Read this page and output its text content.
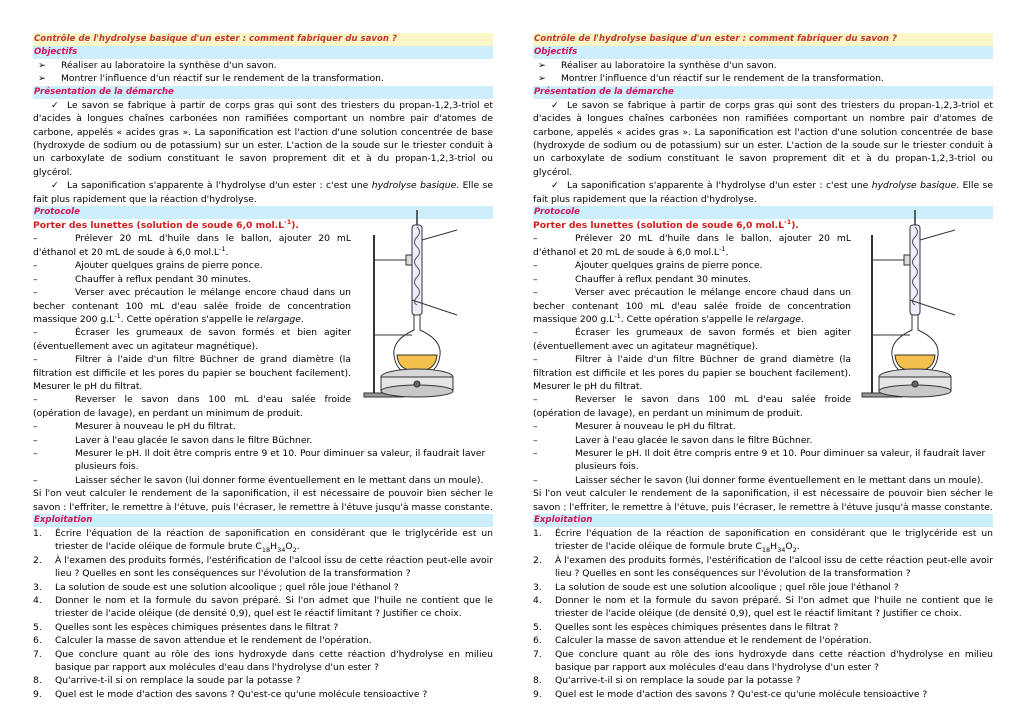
Contrôle de l'hydrolyse basique d'un ester : comment fabriquer du savon ?
Objectifs
➢	Réaliser au laboratoire la synthèse d'un savon.
➢	Montrer l'influence d'un réactif sur le rendement de la transformation.
Présentation de la démarche
✓ Le savon se fabrique à partir de corps gras qui sont des triesters du propan-1,2,3-triol et d'acides à longues chaînes carbonées non ramifiées comportant un nombre pair d'atomes de carbone, appelés « acides gras ». La saponification est l'action d'une solution concentrée de base (hydroxyde de sodium ou de potassium) sur un ester. L'action de la soude sur le triester conduit à un carboxylate de sodium constituant le savon proprement dit et à du propan-1,2,3-triol ou glycérol.
✓ La saponification s'apparente à l'hydrolyse d'un ester : c'est une hydrolyse basique. Elle se fait plus rapidement que la réaction d'hydrolyse.
Protocole
Porter des lunettes (solution de soude 6,0 $mol.L^{-1}$).
–	Prélever 20 mL d'huile dans le ballon, ajouter 20 mL d'éthanol et 20 mL de soude à 6,0 $mol.L^{-1}$.
–	Ajouter quelques grains de pierre ponce.
–	Chauffer à reflux pendant 30 minutes.
–	Verser avec précaution le mélange encore chaud dans un becher contenant 100 mL d'eau salée froide de concentration massique 200 $g.L^{-1}$. Cette opération s'appelle le relargage.
–	Écraser les grumeaux de savon formés et bien agiter (éventuellement avec un agitateur magnétique).
–	Filtrer à l'aide d'un filtre Büchner de grand diamètre (la filtration est difficile et les pores du papier se bouchent facilement). Mesurer le pH du filtrat.
–	Reverser le savon dans 100 mL d'eau salée froide (opération de lavage), en perdant un minimum de produit.
–	Mesurer à nouveau le pH du filtrat.
–	Laver à l'eau glacée le savon dans le filtre Büchner.
–	Mesurer le pH. Il doit être compris entre 9 et 10. Pour diminuer sa valeur, il faudrait laver plusieurs fois.
–	Laisser sécher le savon (lui donner forme éventuellement en le mettant dans un moule).
Si l'on veut calculer le rendement de la saponification, il est nécessaire de pouvoir bien sécher le savon : l'effriter, le remettre à l'étuve, puis l'écraser, le remettre à l'étuve jusqu'à masse constante.
Exploitation
1. Écrire l'équation de la réaction de saponification en considérant que le triglycéride est un triester de l'acide oléique de formule brute $C_{18}H_{34}O_2$.
2. À l'examen des produits formés, l'estérification de l'alcool issu de cette réaction peut-elle avoir lieu ? Quelles en sont les conséquences sur l'évolution de la transformation ?
3. La solution de soude est une solution alcoolique ; quel rôle joue l'éthanol ?
4. Donner le nom et la formule du savon préparé. Si l'on admet que l'huile ne contient que le triester de l'acide oléique (de densité 0,9), quel est le réactif limitant ? Justifier ce choix.
5. Quelles sont les espèces chimiques présentes dans le filtrat ?
6. Calculer la masse de savon attendue et le rendement de l'opération.
7. Que conclure quant au rôle des ions hydroxyde dans cette réaction d'hydrolyse en milieu basique par rapport aux molécules d'eau dans l'hydrolyse d'un ester ?
8. Qu'arrive-t-il si on remplace la soude par la potasse ?
9. Quel est le mode d'action des savons ? Qu'est-ce qu'une molécule tensioactive ?
Contrôle de l'hydrolyse basique d'un ester : comment fabriquer du savon ?
Objectifs
➢	Réaliser au laboratoire la synthèse d'un savon.
➢	Montrer l'influence d'un réactif sur le rendement de la transformation.
Présentation de la démarche
✓ Le savon se fabrique à partir de corps gras qui sont des triesters du propan-1,2,3-triol et d'acides à longues chaînes carbonées non ramifiées comportant un nombre pair d'atomes de carbone, appelés « acides gras ». La saponification est l'action d'une solution concentrée de base (hydroxyde de sodium ou de potassium) sur un ester. L'action de la soude sur le triester conduit à un carboxylate de sodium constituant le savon proprement dit et à du propan-1,2,3-triol ou glycérol.
✓ La saponification s'apparente à l'hydrolyse d'un ester : c'est une hydrolyse basique. Elle se fait plus rapidement que la réaction d'hydrolyse.
Protocole
Porter des lunettes (solution de soude 6,0 $mol.L^{-1}$).
–	Prélever 20 mL d'huile dans le ballon, ajouter 20 mL d'éthanol et 20 mL de soude à 6,0 $mol.L^{-1}$.
–	Ajouter quelques grains de pierre ponce.
–	Chauffer à reflux pendant 30 minutes.
–	Verser avec précaution le mélange encore chaud dans un becher contenant 100 mL d'eau salée froide de concentration massique 200 $g.L^{-1}$. Cette opération s'appelle le relargage.
–	Écraser les grumeaux de savon formés et bien agiter (éventuellement avec un agitateur magnétique).
–	Filtrer à l'aide d'un filtre Büchner de grand diamètre (la filtration est difficile et les pores du papier se bouchent facilement). Mesurer le pH du filtrat.
–	Reverser le savon dans 100 mL d'eau salée froide (opération de lavage), en perdant un minimum de produit.
–	Mesurer à nouveau le pH du filtrat.
–	Laver à l'eau glacée le savon dans le filtre Büchner.
–	Mesurer le pH. Il doit être compris entre 9 et 10. Pour diminuer sa valeur, il faudrait laver plusieurs fois.
–	Laisser sécher le savon (lui donner forme éventuellement en le mettant dans un moule).
Si l'on veut calculer le rendement de la saponification, il est nécessaire de pouvoir bien sécher le savon : l'effriter, le remettre à l'étuve, puis l'écraser, le remettre à l'étuve jusqu'à masse constante.
Exploitation
1. Écrire l'équation de la réaction de saponification en considérant que le triglycéride est un triester de l'acide oléique de formule brute $C_{18}H_{34}O_2$.
2. À l'examen des produits formés, l'estérification de l'alcool issu de cette réaction peut-elle avoir lieu ? Quelles en sont les conséquences sur l'évolution de la transformation ?
3. La solution de soude est une solution alcoolique ; quel rôle joue l'éthanol ?
4. Donner le nom et la formule du savon préparé. Si l'on admet que l'huile ne contient que le triester de l'acide oléique (de densité 0,9), quel est le réactif limitant ? Justifier ce choix.
5. Quelles sont les espèces chimiques présentes dans le filtrat ?
6. Calculer la masse de savon attendue et le rendement de l'opération.
7. Que conclure quant au rôle des ions hydroxyde dans cette réaction d'hydrolyse en milieu basique par rapport aux molécules d'eau dans l'hydrolyse d'un ester ?
8. Qu'arrive-t-il si on remplace la soude par la potasse ?
9. Quel est le mode d'action des savons ? Qu'est-ce qu'une molécule tensioactive ?
